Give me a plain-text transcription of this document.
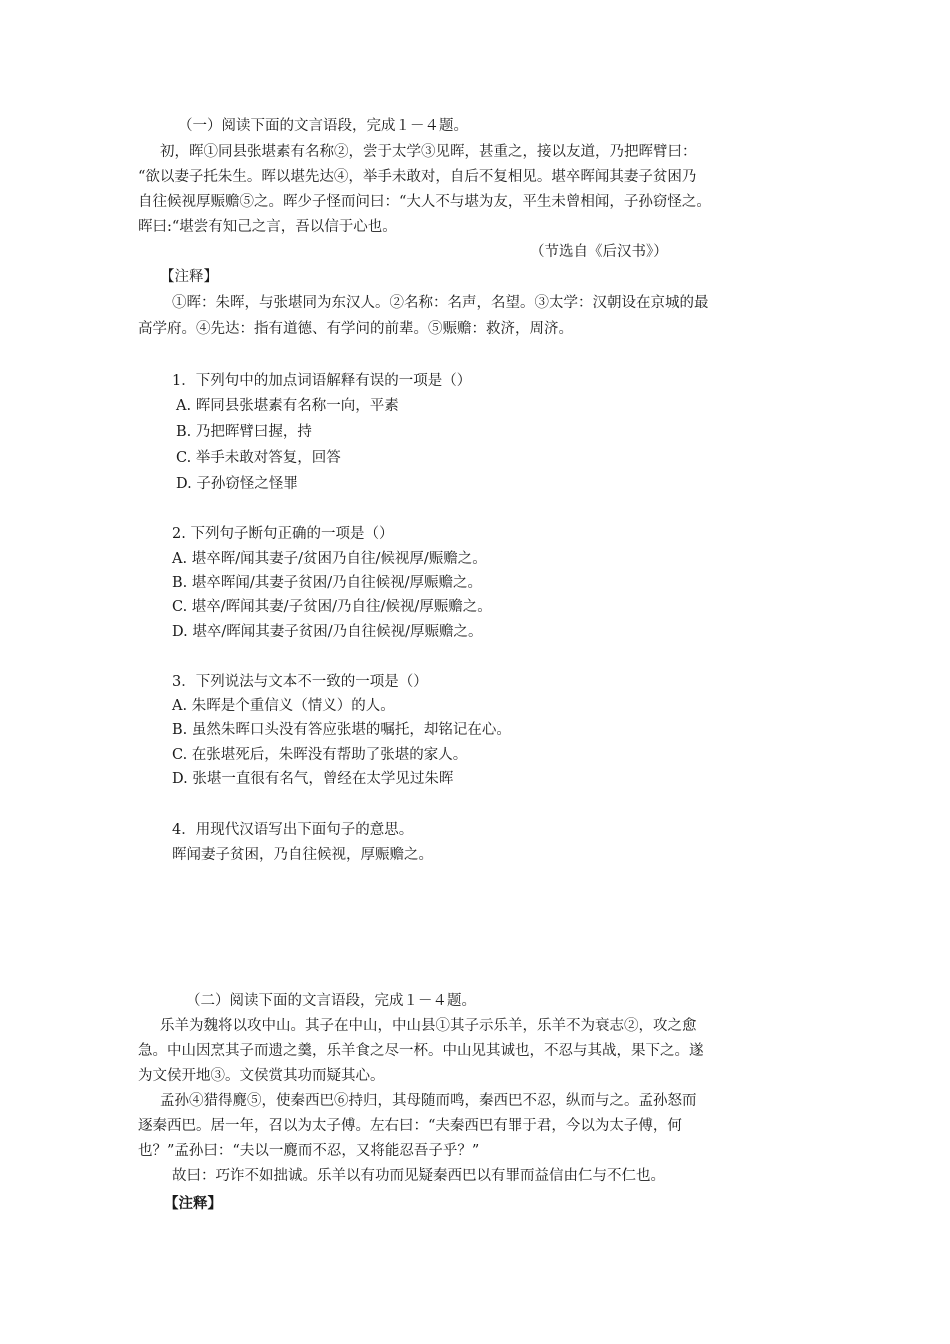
（一）阅读下面的文言语段，完成１－４题。
初，晖①同县张堪素有名称②，尝于太学③见晖，甚重之，接以友道，乃把晖臂曰：
“欲以妻子托朱生。晖以堪先达④，举手未敢对，自后不复相见。堪卒晖闻其妻子贫困乃
自往候视厚赈赡⑤之。晖少子怪而问曰：“大人不与堪为友，平生未曾相闻，子孙窃怪之。
晖曰:“堪尝有知己之言，吾以信于心也。
（节选自《后汉书》）
【注释】
①晖：朱晖，与张堪同为东汉人。②名称：名声，名望。③太学：汉朝设在京城的最
高学府。④先达：指有道德、有学问的前辈。⑤赈赡：救济，周济。
1．下列句中的加点词语解释有误的一项是（）
A. 晖同县张堪素有名称一向，平素
B. 乃把晖臂曰握，持
C. 举手未敢对答复，回答
D. 子孙窃怪之怪罪
2. 下列句子断句正确的一项是（）
A. 堪卒晖/闻其妻子/贫困乃自往/候视厚/赈赡之。
B. 堪卒晖闻/其妻子贫困/乃自往候视/厚赈赡之。
C. 堪卒/晖闻其妻/子贫困/乃自往/候视/厚赈赡之。
D. 堪卒/晖闻其妻子贫困/乃自往候视/厚赈赡之。
3．下列说法与文本不一致的一项是（）
A. 朱晖是个重信义（情义）的人。
B. 虽然朱晖口头没有答应张堪的嘱托，却铭记在心。
C. 在张堪死后，朱晖没有帮助了张堪的家人。
D. 张堪一直很有名气，曾经在太学见过朱晖
4．用现代汉语写出下面句子的意思。
晖闻妻子贫困，乃自往候视，厚赈赡之。
（二）阅读下面的文言语段，完成１－４题。
乐羊为魏将以攻中山。其子在中山，中山县①其子示乐羊，乐羊不为衰志②，攻之愈
急。中山因烹其子而遗之羹，乐羊食之尽一杯。中山见其诚也，不忍与其战，果下之。遂
为文侯开地③。文侯赏其功而疑其心。
孟孙④猎得麑⑤，使秦西巴⑥持归，其母随而鸣，秦西巴不忍，纵而与之。孟孙怒而
逐秦西巴。居一年，召以为太子傅。左右曰：“夫秦西巴有罪于君，今以为太子傅，何
也？”孟孙曰：“夫以一麑而不忍，又将能忍吾子乎？”
故曰：巧诈不如拙诚。乐羊以有功而见疑秦西巴以有罪而益信由仁与不仁也。
【注释】
